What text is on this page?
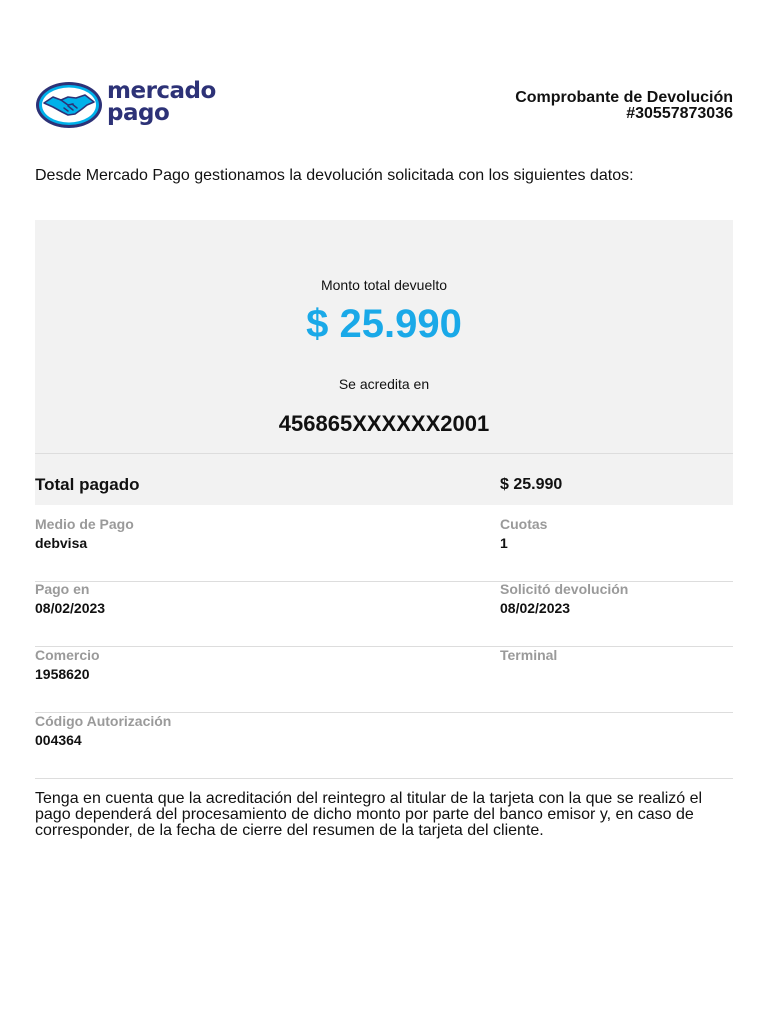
mercado
pago
Comprobante de Devolución
#30557873036
Desde Mercado Pago gestionamos la devolución solicitada con los siguientes datos:
Monto total devuelto
$ 25.990
Se acredita en
456865XXXXXX2001
Total pagado	$ 25.990
Medio de Pago
debvisa
Cuotas
1
Pago en
08/02/2023
Solicitó devolución
08/02/2023
Comercio
1958620
Terminal
Código Autorización
004364
Tenga en cuenta que la acreditación del reintegro al titular de la tarjeta con la que se realizó el pago dependerá del procesamiento de dicho monto por parte del banco emisor y, en caso de corresponder, de la fecha de cierre del resumen de la tarjeta del cliente.
